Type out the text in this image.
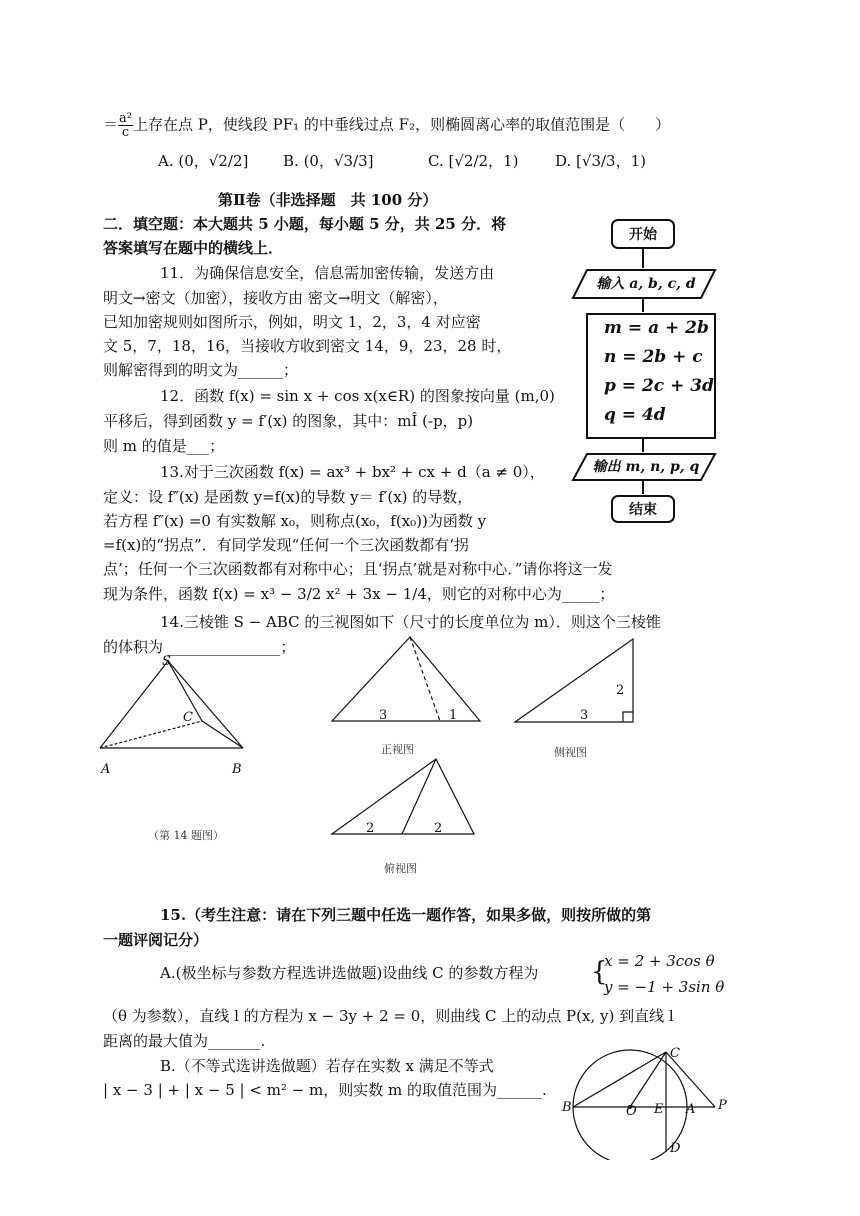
＝ $\frac{\text{a²}}{c}$ 上存在点 P，使线段 PF₁ 的中垂线过点 F₂，则椭圆离心率的取值范围是（　　）
A. (0，√2/2] B. (0，√3/3]	C. [√2/2，1) D. [√3/3，1)
第Ⅱ卷（非选择题　共 100 分）
二．填空题：本大题共 5 小题，每小题 5 分，共 25 分．将
答案填写在题中的横线上．
11．为确保信息安全，信息需加密传输，发送方由
明文→密文（加密），接收方由 密文→明文（解密），
已知加密规则如图所示，例如，明文 1，2，3，4 对应密
文 5，7，18，16，当接收方收到密文 14，9，23，28 时，
则解密得到的明文为______；
12．函数 f(x) = sin x + cos x(x∈R) 的图象按向量 (m,0)
平移后，得到函数 y = f′(x) 的图象，其中：mÎ (-p，p)
则 m 的值是___；
13.对于三次函数 f(x) = ax³ + bx² + cx + d（a ≠ 0），
定义：设 f″(x) 是函数 y=f(x)的导数 y＝ f′(x) 的导数，
若方程 f″(x) =0 有实数解 x₀，则称点(x₀，f(x₀))为函数 y
=f(x)的“拐点”．有同学发现“任何一个三次函数都有‘拐
点’；任何一个三次函数都有对称中心；且‘拐点’就是对称中心．”请你将这一发
现为条件，函数 f(x) = x³ − 3/2 x² + 3x − 1/4，则它的对称中心为_____；
14.三棱锥 S − ABC 的三视图如下（尺寸的长度单位为 m）．则这个三棱锥
的体积为 _______________；
开始
输入 a, b, c, d
m = a + 2b
n = 2b + c
p = 2c + 3d
q = 4d
输出 m, n, p, q
结束
S
C
A	B
（第 14 题图）
3	1
正视图
2
3
侧视图
2	2
俯视图
15.（考生注意：请在下列三题中任选一题作答，如果多做，则按所做的第
一题评阅记分）
A.(极坐标与参数方程选讲选做题)设曲线 C 的参数方程为 {
x = 2 + 3cos θ
y = −1 + 3sin θ
（θ 为参数），直线 l 的方程为 x − 3y + 2 = 0，则曲线 C 上的动点 P(x, y) 到直线 l
距离的最大值为_______.
B.（不等式选讲选做题）若存在实数 x 满足不等式
| x − 3 | + | x − 5 | < m² − m，则实数 m 的取值范围为______.
B	O E A P
C
D
